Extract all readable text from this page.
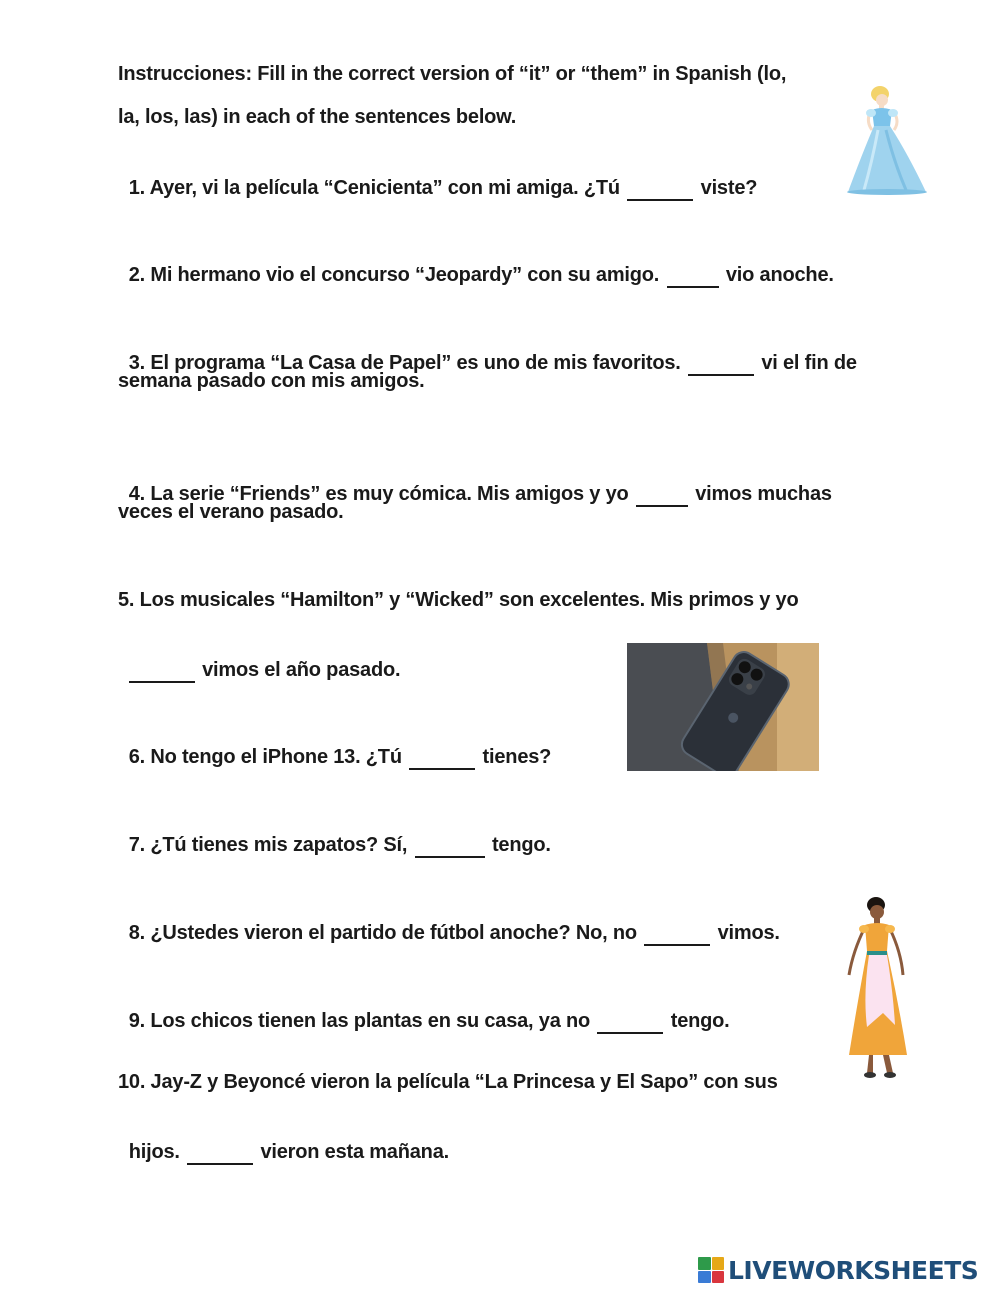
Instrucciones: Fill in the correct version of “it” or “them” in Spanish (lo,
la, los, las) in each of the sentences below.

1. Ayer, vi la película “Cenicienta” con mi amiga. ¿Tú	viste?

2. Mi hermano vio el concurso “Jeopardy” con su amigo.	vio anoche.

3. El programa “La Casa de Papel” es uno de mis favoritos.	vi el fin de

semana pasado con mis amigos.

4. La serie “Friends” es muy cómica. Mis amigos y yo	vimos muchas

veces el verano pasado.
5. Los musicales “Hamilton” y “Wicked” son excelentes. Mis primos y yo

vimos el año pasado.

6. No tengo el iPhone 13. ¿Tú	tienes?

7. ¿Tú tienes mis zapatos? Sí,	tengo.

8. ¿Ustedes vieron el partido de fútbol anoche? No, no	vimos.

9. Los chicos tienen las plantas en su casa, ya no	tengo.

10. Jay-Z y Beyoncé vieron la película “La Princesa y El Sapo” con sus

hijos.	vieron esta mañana.

LIVEWORKSHEETS
